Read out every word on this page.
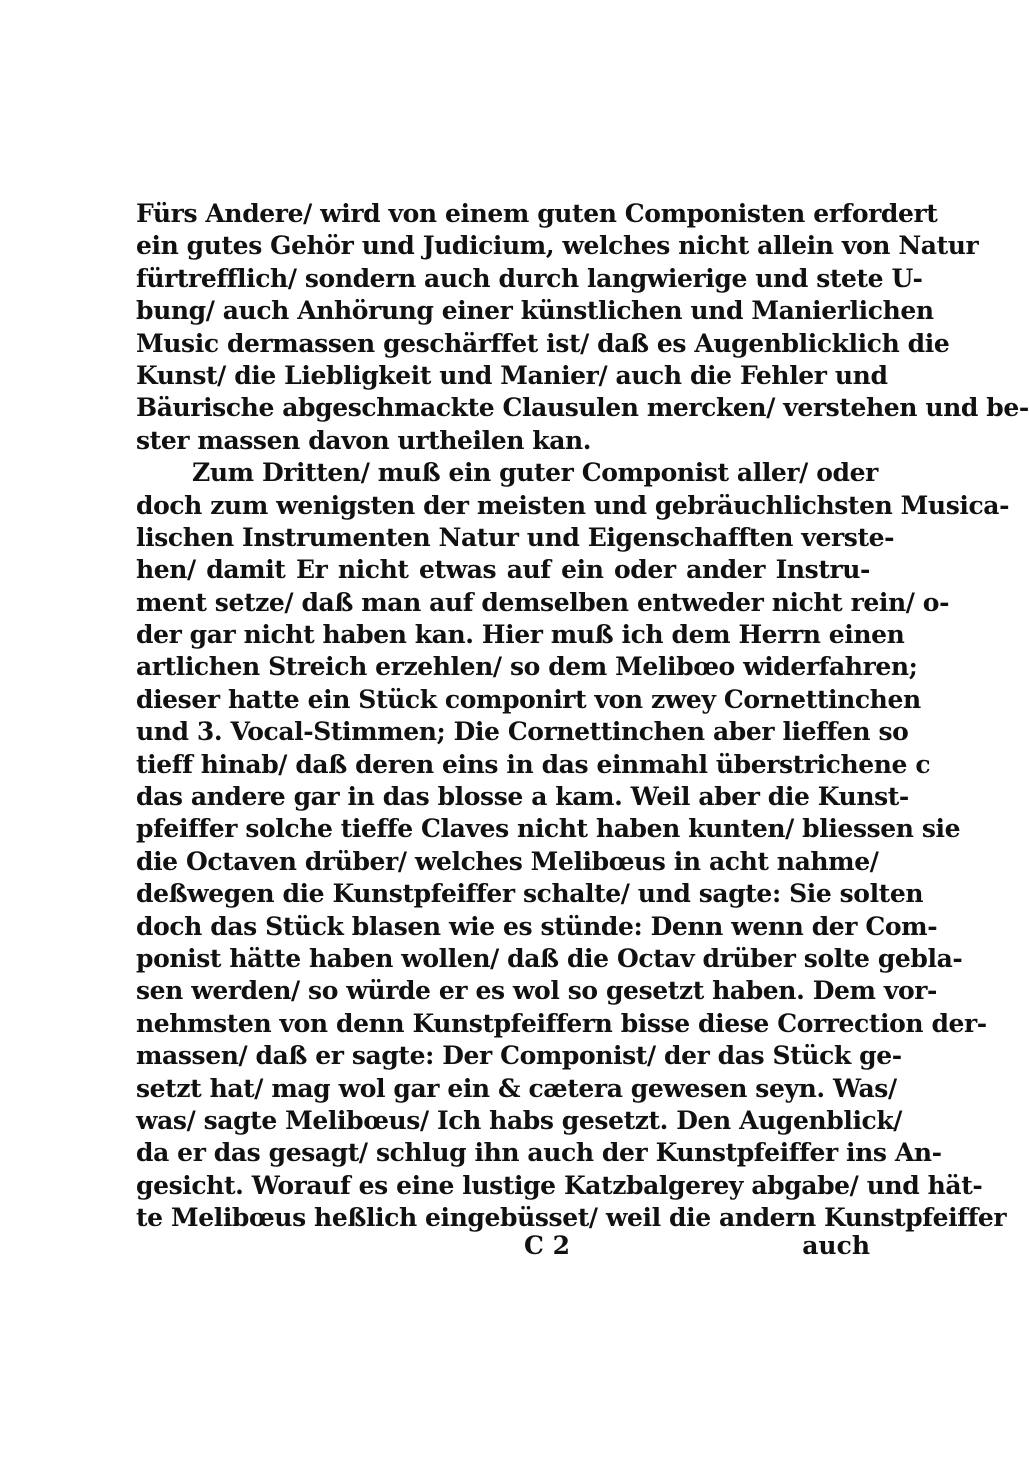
Fürs Andere/ wird von einem guten Componisten erfordert
ein gutes Gehör und Judicium, welches nicht allein von Natur
fürtrefflich/ sondern auch durch langwierige und stete U-
bung/ auch Anhörung einer künstlichen und Manierlichen
Music dermassen geschärffet ist/ daß es Augenblicklich die
Kunst/ die Liebligkeit und Manier/ auch die Fehler und
Bäurische abgeschmackte Clausulen mercken/ verstehen und be-
ster massen davon urtheilen kan.
Zum Dritten/ muß ein guter Componist aller/ oder
doch zum wenigsten der meisten und gebräuchlichsten Musica-
lischen Instrumenten Natur und Eigenschafften verste-
hen/ damit Er nicht etwas auf ein oder ander Instru-
ment setze/ daß man auf demselben entweder nicht rein/ o-
der gar nicht haben kan. Hier muß ich dem Herrn einen
artlichen Streich erzehlen/ so dem Melibœo widerfahren;
dieser hatte ein Stück componirt von zwey Cornettinchen
und 3. Vocal-Stimmen; Die Cornettinchen aber lieffen so
tieff hinab/ daß deren eins in das einmahl überstrichene c
das andere gar in das blosse a kam. Weil aber die Kunst-
pfeiffer solche tieffe Claves nicht haben kunten/ bliessen sie
die Octaven drüber/ welches Melibœus in acht nahme/
deßwegen die Kunstpfeiffer schalte/ und sagte: Sie solten
doch das Stück blasen wie es stünde: Denn wenn der Com-
ponist hätte haben wollen/ daß die Octav drüber solte gebla-
sen werden/ so würde er es wol so gesetzt haben. Dem vor-
nehmsten von denn Kunstpfeiffern bisse diese Correction der-
massen/ daß er sagte: Der Componist/ der das Stück ge-
setzt hat/ mag wol gar ein & cætera gewesen seyn. Was/
was/ sagte Melibœus/ Ich habs gesetzt. Den Augenblick/
da er das gesagt/ schlug ihn auch der Kunstpfeiffer ins An-
gesicht. Worauf es eine lustige Katzbalgerey abgabe/ und hät-
te Melibœus heßlich eingebüsset/ weil die andern Kunstpfeiffer
C 2	auch
